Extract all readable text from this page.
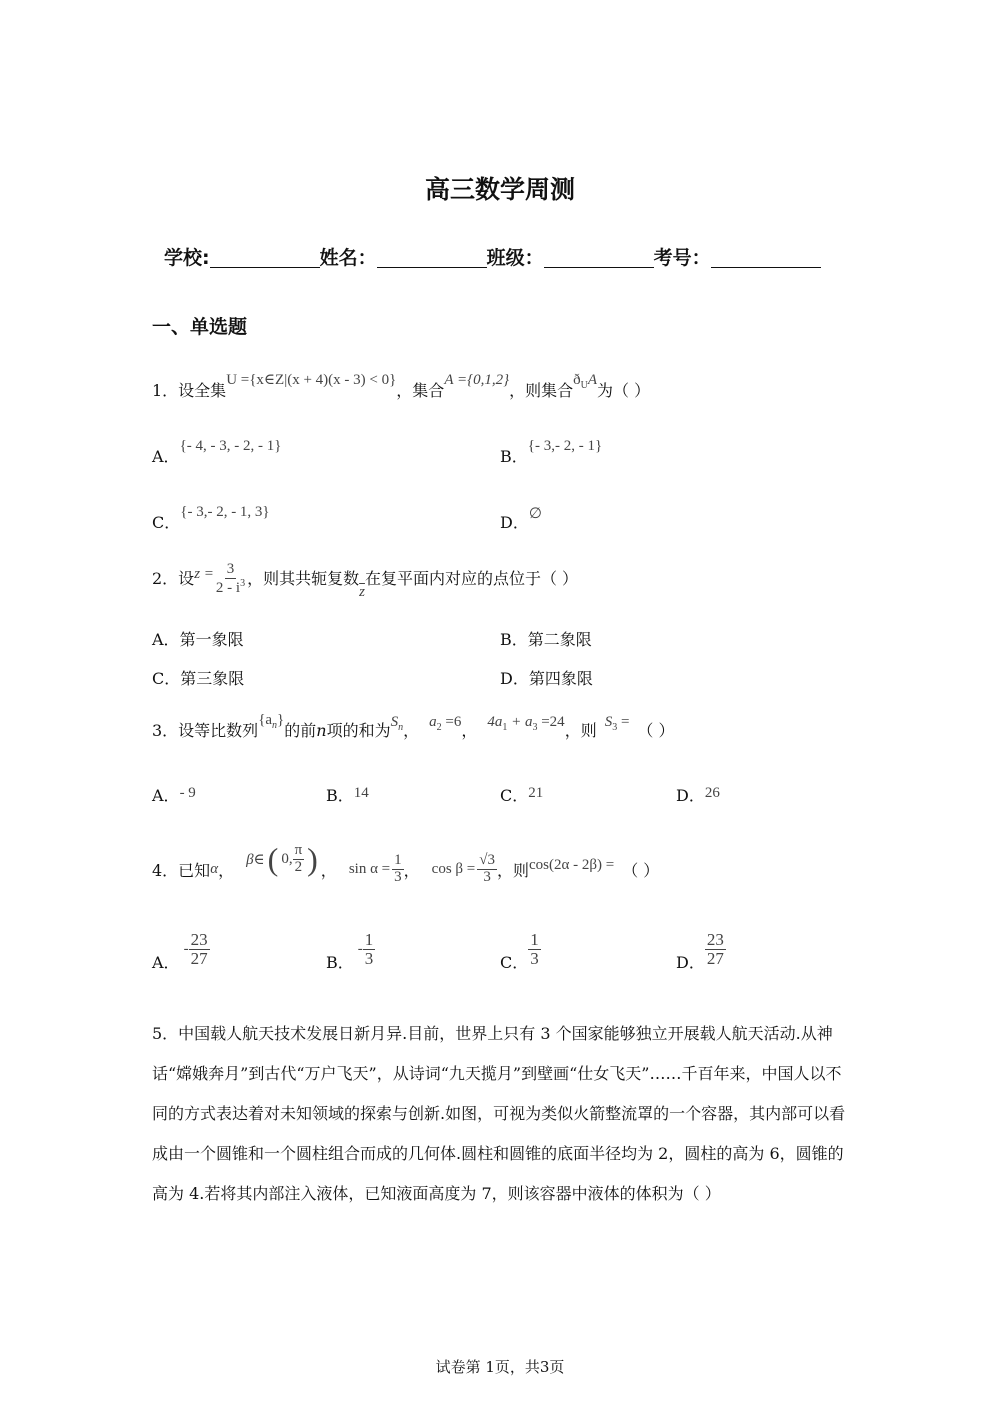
高三数学周测
学校:	姓名：	班级：	考号：
一、单选题
1．设全集U ={x∈Z|(x + 4)(x - 3) < 0}，集合A ={0,1,2}，则集合$ð_UA$为（ ）
A．{- 4, - 3, - 2, - 1}
B．{- 3,- 2, - 1}
C．{- 3,- 2, - 1, 3}
D．∅
2．设$z = \frac{3}{2 - i^3}$ ，则其共轭复数$\overline{z}$在复平面内对应的点位于（ ）
A．第一象限	B．第二象限
C．第三象限	D．第四象限
3．设等比数列$\{a_n\}$的前n项的和为$S_n$， $a_2 =6$， $4a_1 + a_3 =24$，则 $S_3$ = （ ）
A．- 9	B．14	C．21	D．26
4．已知 α ，
β∈ ( 0, $\frac{\pi}{2}$ ) ， $\sin \alpha = \frac{1}{3}$ ， $\cos \beta = \frac{√3}{3}$ ，则 cos(2α - 2β) = （ ）
A．
- $\frac{23}{27}$	B．
- $\frac{1}{3}$	C． $\frac{1}{3}$	D． $\frac{23}{27}$
5．中国载人航天技术发展日新月异.目前，世界上只有 3 个国家能够独立开展载人航天活动.从神话“嫦娥奔月”到古代“万户飞天”，从诗词“九天揽月”到壁画“仕女飞天”……千百年来，中国人以不同的方式表达着对未知领域的探索与创新.如图，可视为类似火箭整流罩的一个容器，其内部可以看成由一个圆锥和一个圆柱组合而成的几何体.圆柱和圆锥的底面半径均为 2，圆柱的高为 6，圆锥的高为 4.若将其内部注入液体，已知液面高度为 7，则该容器中液体的体积为（ ）
试卷第 1页，共3页
